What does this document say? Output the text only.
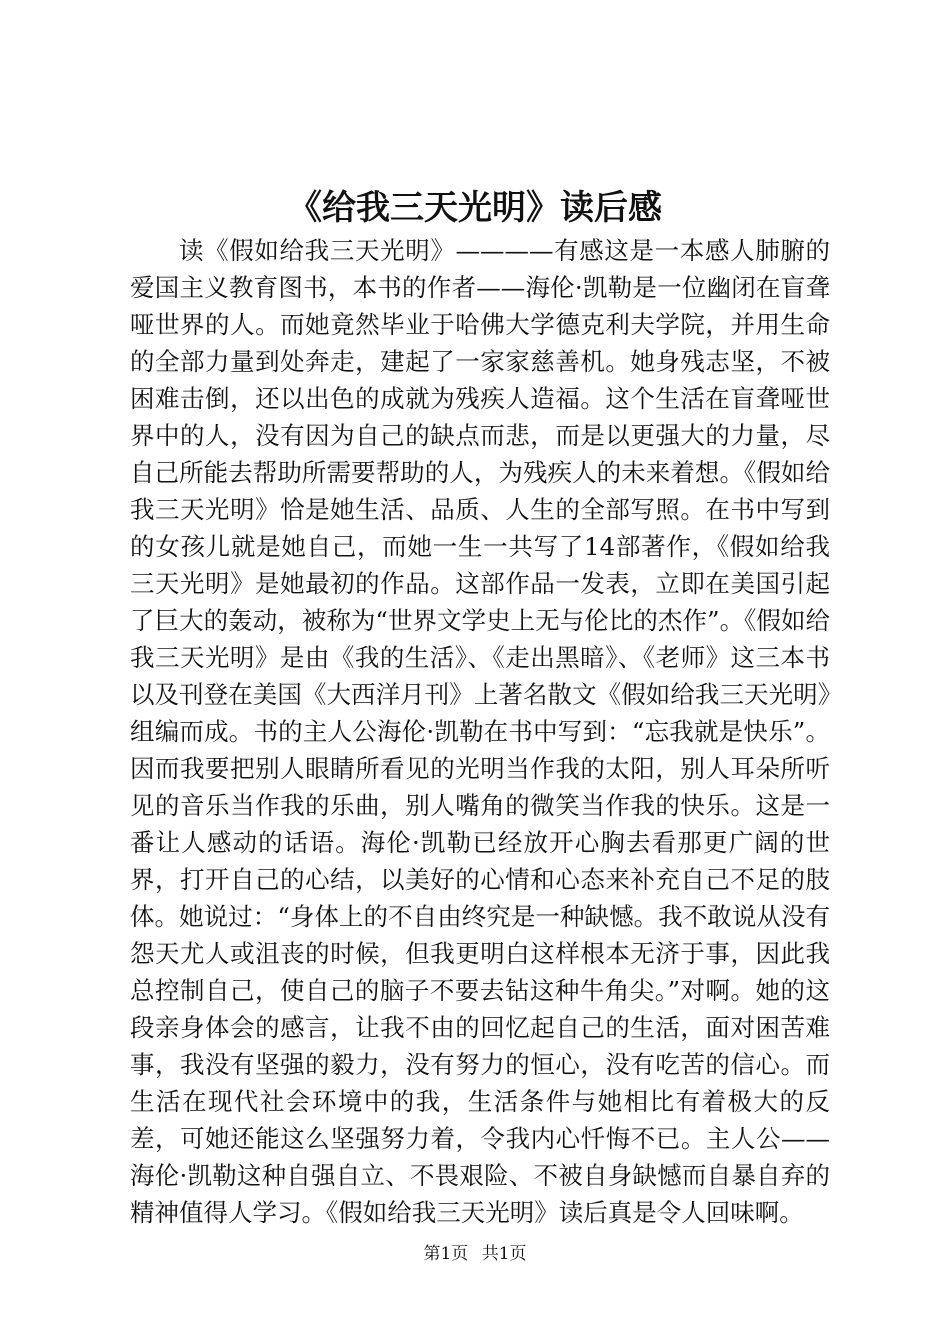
《给我三天光明》读后感

读《假如给我三天光明》————有感这是一本感人肺腑的爱国主义教育图书，本书的作者——海伦·凯勒是一位幽闭在盲聋哑世界的人。而她竟然毕业于哈佛大学德克利夫学院，并用生命的全部力量到处奔走，建起了一家家慈善机。她身残志坚，不被困难击倒，还以出色的成就为残疾人造福。这个生活在盲聋哑世界中的人，没有因为自己的缺点而悲，而是以更强大的力量，尽自己所能去帮助所需要帮助的人，为残疾人的未来着想。《假如给我三天光明》恰是她生活、品质、人生的全部写照。在书中写到的女孩儿就是她自己，而她一生一共写了14部著作，《假如给我三天光明》是她最初的作品。这部作品一发表，立即在美国引起了巨大的轰动，被称为“世界文学史上无与伦比的杰作”。《假如给我三天光明》是由《我的生活》、《走出黑暗》、《老师》这三本书以及刊登在美国《大西洋月刊》上著名散文《假如给我三天光明》组编而成。书的主人公海伦·凯勒在书中写到：“忘我就是快乐”。因而我要把别人眼睛所看见的光明当作我的太阳，别人耳朵所听见的音乐当作我的乐曲，别人嘴角的微笑当作我的快乐。这是一番让人感动的话语。海伦·凯勒已经放开心胸去看那更广阔的世界，打开自己的心结，以美好的心情和心态来补充自己不足的肢体。她说过：“身体上的不自由终究是一种缺憾。我不敢说从没有怨天尤人或沮丧的时候，但我更明白这样根本无济于事，因此我总控制自己，使自己的脑子不要去钻这种牛角尖。”对啊。她的这段亲身体会的感言，让我不由的回忆起自己的生活，面对困苦难事，我没有坚强的毅力，没有努力的恒心，没有吃苦的信心。而生活在现代社会环境中的我，生活条件与她相比有着极大的反差，可她还能这么坚强努力着，令我内心忏悔不已。主人公——海伦·凯勒这种自强自立、不畏艰险、不被自身缺憾而自暴自弃的精神值得人学习。《假如给我三天光明》读后真是令人回味啊。

第1页 共1页
